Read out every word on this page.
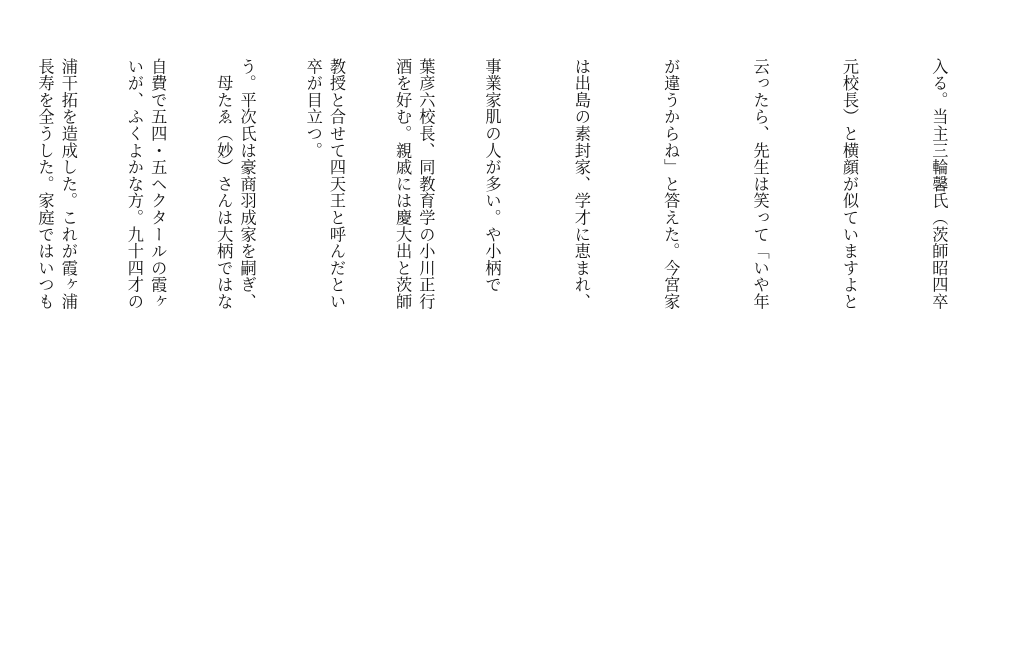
入る。当主三輪馨氏（茨師昭四卒

元校長）と横顔が似ていますよと

云ったら、先生は笑って「いや年

が違うからね」と答えた。今宮家

は出島の素封家、学才に恵まれ、

事業家肌の人が多い。や小柄で

酒を好む。親戚には慶大出と茨師

卒が目立つ。

　母たゑ（妙）さんは大柄ではな

いが、ふくよかな方。九十四才の

長寿を全うした。家庭ではいつも

	葉彦六校長、同教育学の小川正行

教授と合せて四天王と呼んだとい

う。平次氏は豪商羽成家を嗣ぎ、

自費で五四・五ヘクタールの霞ヶ

浦干拓を造成した。これが霞ヶ浦
